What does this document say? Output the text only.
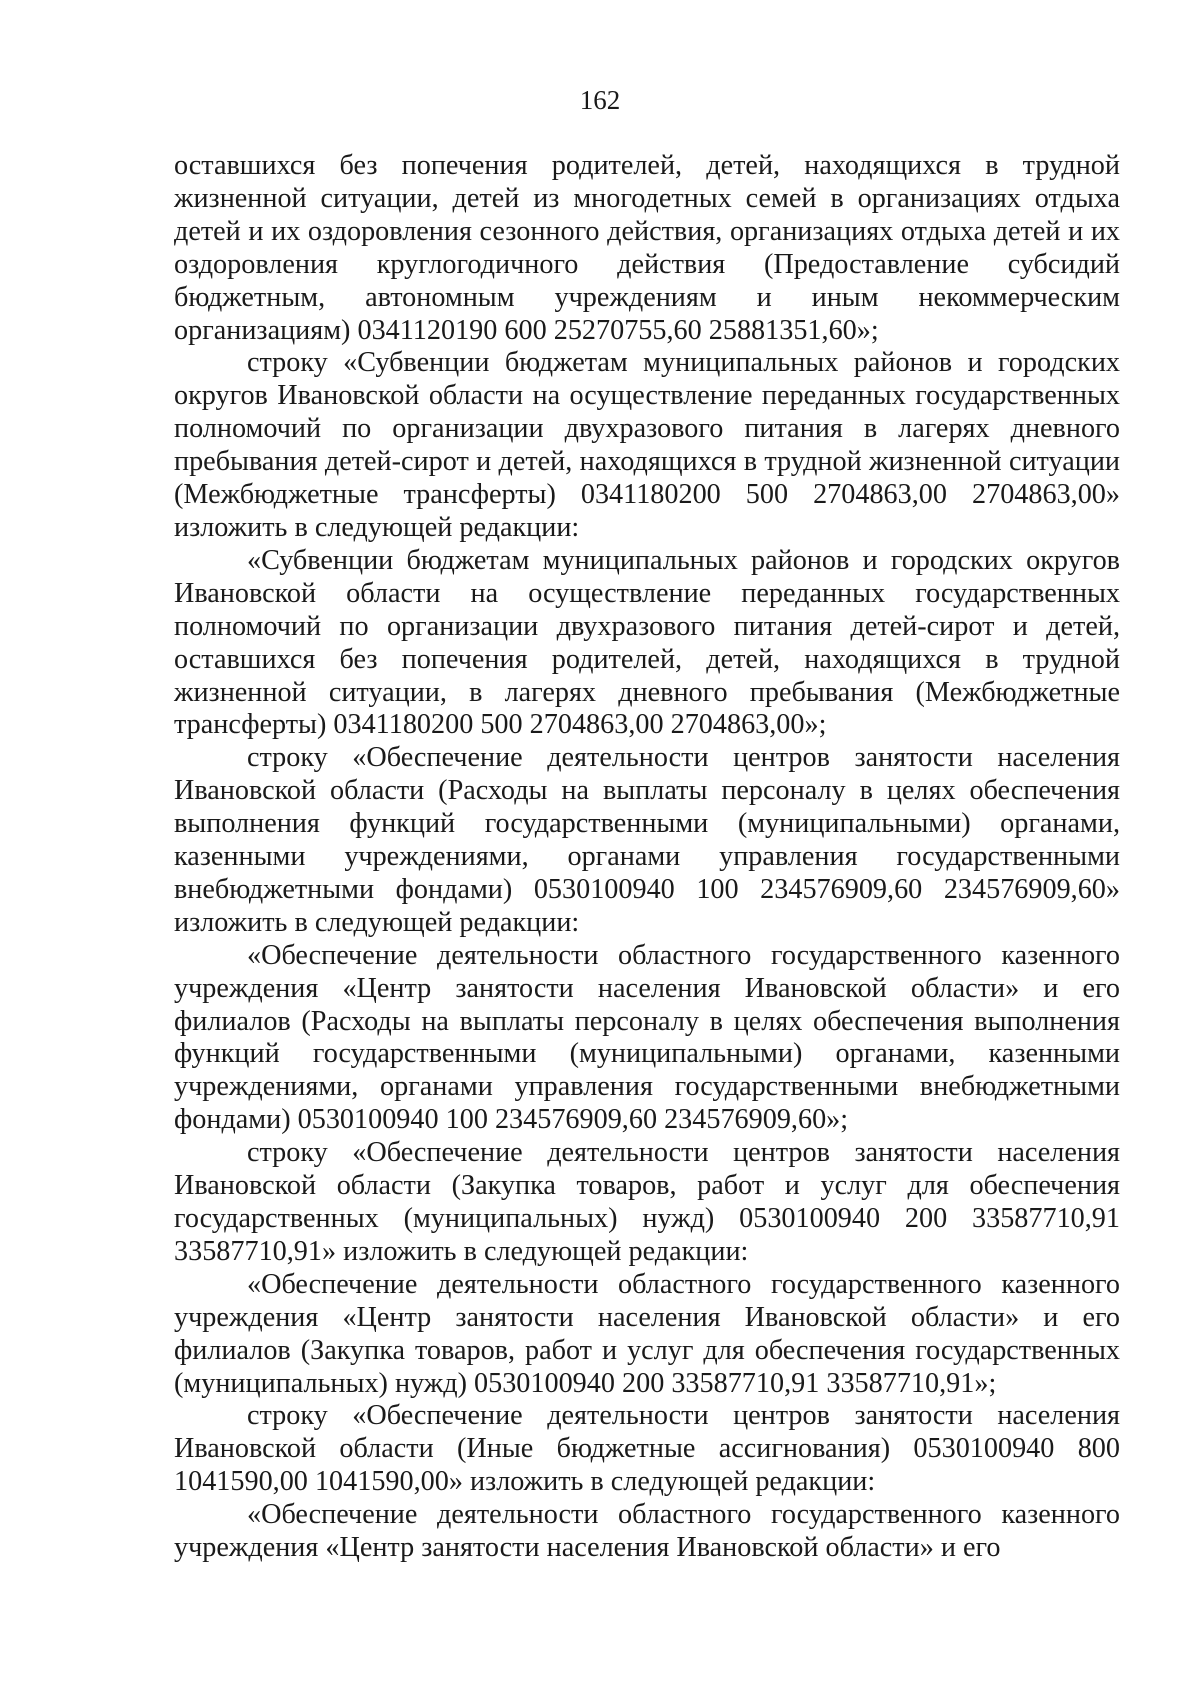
162

оставшихся без попечения родителей, детей, находящихся в трудной жизненной ситуации, детей из многодетных семей в организациях отдыха детей и их оздоровления сезонного действия, организациях отдыха детей и их оздоровления круглогодичного действия (Предоставление субсидий бюджетным, автономным учреждениям и иным некоммерческим организациям) 0341120190 600 25270755,60 25881351,60»;

строку «Субвенции бюджетам муниципальных районов и городских округов Ивановской области на осуществление переданных государственных полномочий по организации двухразового питания в лагерях дневного пребывания детей-сирот и детей, находящихся в трудной жизненной ситуации (Межбюджетные трансферты) 0341180200 500 2704863,00 2704863,00» изложить в следующей редакции:

«Субвенции бюджетам муниципальных районов и городских округов Ивановской области на осуществление переданных государственных полномочий по организации двухразового питания детей-сирот и детей, оставшихся без попечения родителей, детей, находящихся в трудной жизненной ситуации, в лагерях дневного пребывания (Межбюджетные трансферты) 0341180200 500 2704863,00 2704863,00»;

строку «Обеспечение деятельности центров занятости населения Ивановской области (Расходы на выплаты персоналу в целях обеспечения выполнения функций государственными (муниципальными) органами, казенными учреждениями, органами управления государственными внебюджетными фондами) 0530100940 100 234576909,60 234576909,60» изложить в следующей редакции:

«Обеспечение деятельности областного государственного казенного учреждения «Центр занятости населения Ивановской области» и его филиалов (Расходы на выплаты персоналу в целях обеспечения выполнения функций государственными (муниципальными) органами, казенными учреждениями, органами управления государственными внебюджетными фондами) 0530100940 100 234576909,60 234576909,60»;

строку «Обеспечение деятельности центров занятости населения Ивановской области (Закупка товаров, работ и услуг для обеспечения государственных (муниципальных) нужд) 0530100940 200 33587710,91 33587710,91» изложить в следующей редакции:

«Обеспечение деятельности областного государственного казенного учреждения «Центр занятости населения Ивановской области» и его филиалов (Закупка товаров, работ и услуг для обеспечения государственных (муниципальных) нужд) 0530100940 200 33587710,91 33587710,91»;

строку «Обеспечение деятельности центров занятости населения Ивановской области (Иные бюджетные ассигнования) 0530100940 800 1041590,00 1041590,00» изложить в следующей редакции:

«Обеспечение деятельности областного государственного казенного учреждения «Центр занятости населения Ивановской области» и его
